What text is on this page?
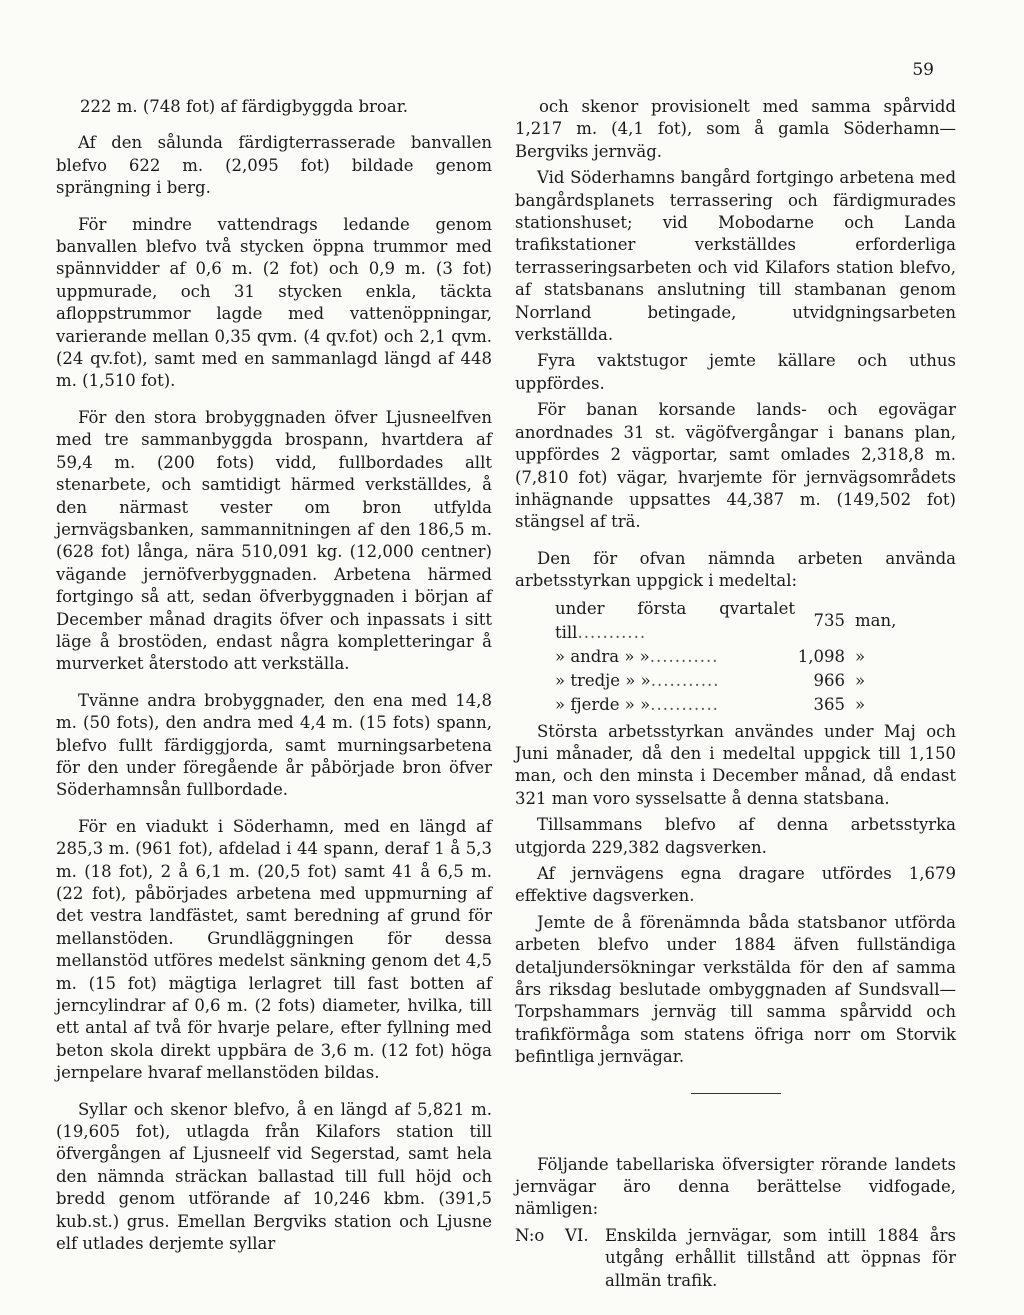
59

222 m. (748 fot) af färdigbyggda broar.

Af den sålunda färdigterrasserade banvallen blefvo 622 m. (2,095 fot) bildade genom sprängning i berg.

För mindre vattendrags ledande genom banvallen blefvo två stycken öppna trummor med spännvidder af 0,6 m. (2 fot) och 0,9 m. (3 fot) uppmurade, och 31 stycken enkla, täckta afloppstrummor lagde med vattenöppningar, varierande mellan 0,35 qvm. (4 qv.fot) och 2,1 qvm. (24 qv.fot), samt med en sammanlagd längd af 448 m. (1,510 fot).

För den stora brobyggnaden öfver Ljusneelfven med tre sammanbyggda brospann, hvartdera af 59,4 m. (200 fots) vidd, fullbordades allt stenarbete, och samtidigt härmed verkställdes, å den närmast vester om bron utfylda jernvägsbanken, sammannitningen af den 186,5 m. (628 fot) långa, nära 510,091 kg. (12,000 centner) vägande jernöfverbyggnaden. Arbetena härmed fortgingo så att, sedan öfverbyggnaden i början af December månad dragits öfver och inpassats i sitt läge å brostöden, endast några kompletteringar å murverket återstodo att verkställa.

Tvänne andra brobyggnader, den ena med 14,8 m. (50 fots), den andra med 4,4 m. (15 fots) spann, blefvo fullt färdiggjorda, samt murningsarbetena för den under föregående år påbörjade bron öfver Söderhamnsån fullbordade.

För en viadukt i Söderhamn, med en längd af 285,3 m. (961 fot), afdelad i 44 spann, deraf 1 å 5,3 m. (18 fot), 2 å 6,1 m. (20,5 fot) samt 41 å 6,5 m. (22 fot), påbörjades arbetena med uppmurning af det vestra landfästet, samt beredning af grund för mellanstöden. Grundläggningen för dessa mellanstöd utföres medelst sänkning genom det 4,5 m. (15 fot) mägtiga lerlagret till fast botten af jerncylindrar af 0,6 m. (2 fots) diameter, hvilka, till ett antal af två för hvarje pelare, efter fyllning med beton skola direkt uppbära de 3,6 m. (12 fot) höga jernpelare hvaraf mellanstöden bildas.

Syllar och skenor blefvo, å en längd af 5,821 m. (19,605 fot), utlagda från Kilafors station till öfvergången af Ljusneelf vid Segerstad, samt hela den nämnda sträckan ballastad till full höjd och bredd genom utförande af 10,246 kbm. (391,5 kub.st.) grus. Emellan Bergviks station och Ljusne elf utlades derjemte syllar

och skenor provisionelt med samma spårvidd 1,217 m. (4,1 fot), som å gamla Söderhamn—Bergviks jernväg.

Vid Söderhamns bangård fortgingo arbetena med bangårdsplanets terrassering och färdigmurades stationshuset; vid Mobodarne och Landa trafikstationer verkställdes erforderliga terrasseringsarbeten och vid Kilafors station blefvo, af statsbanans anslutning till stambanan genom Norrland betingade, utvidgningsarbeten verkställda.

Fyra vaktstugor jemte källare och uthus uppfördes.

För banan korsande lands- och egovägar anordnades 31 st. vägöfvergångar i banans plan, uppfördes 2 vägportar, samt omlades 2,318,8 m. (7,810 fot) vägar, hvarjemte för jernvägsområdets inhägnande uppsattes 44,387 m. (149,502 fot) stängsel af trä.

Den för ofvan nämnda arbeten använda arbetsstyrkan uppgick i medeltal:

under första qvartalet till...........	735	man,
» andra » »...........	1,098	»
» tredje » »...........	966	»
» fjerde » »...........	365	»

Största arbetsstyrkan användes under Maj och Juni månader, då den i medeltal uppgick till 1,150 man, och den minsta i December månad, då endast 321 man voro sysselsatte å denna statsbana.

Tillsammans blefvo af denna arbetsstyrka utgjorda 229,382 dagsverken.

Af jernvägens egna dragare utfördes 1,679 effektive dagsverken.

Jemte de å förenämnda båda statsbanor utförda arbeten blefvo under 1884 äfven fullständiga detaljundersökningar verkstälda för den af samma års riksdag beslutade ombyggnaden af Sundsvall—Torpshammars jernväg till samma spårvidd och trafikförmåga som statens öfriga norr om Storvik befintliga jernvägar.

Följande tabellariska öfversigter rörande landets jernvägar äro denna berättelse vidfogade, nämligen:

N:o	VI. Enskilda jernvägar, som intill 1884 års utgång erhållit tillstånd att öppnas för allmän trafik.
